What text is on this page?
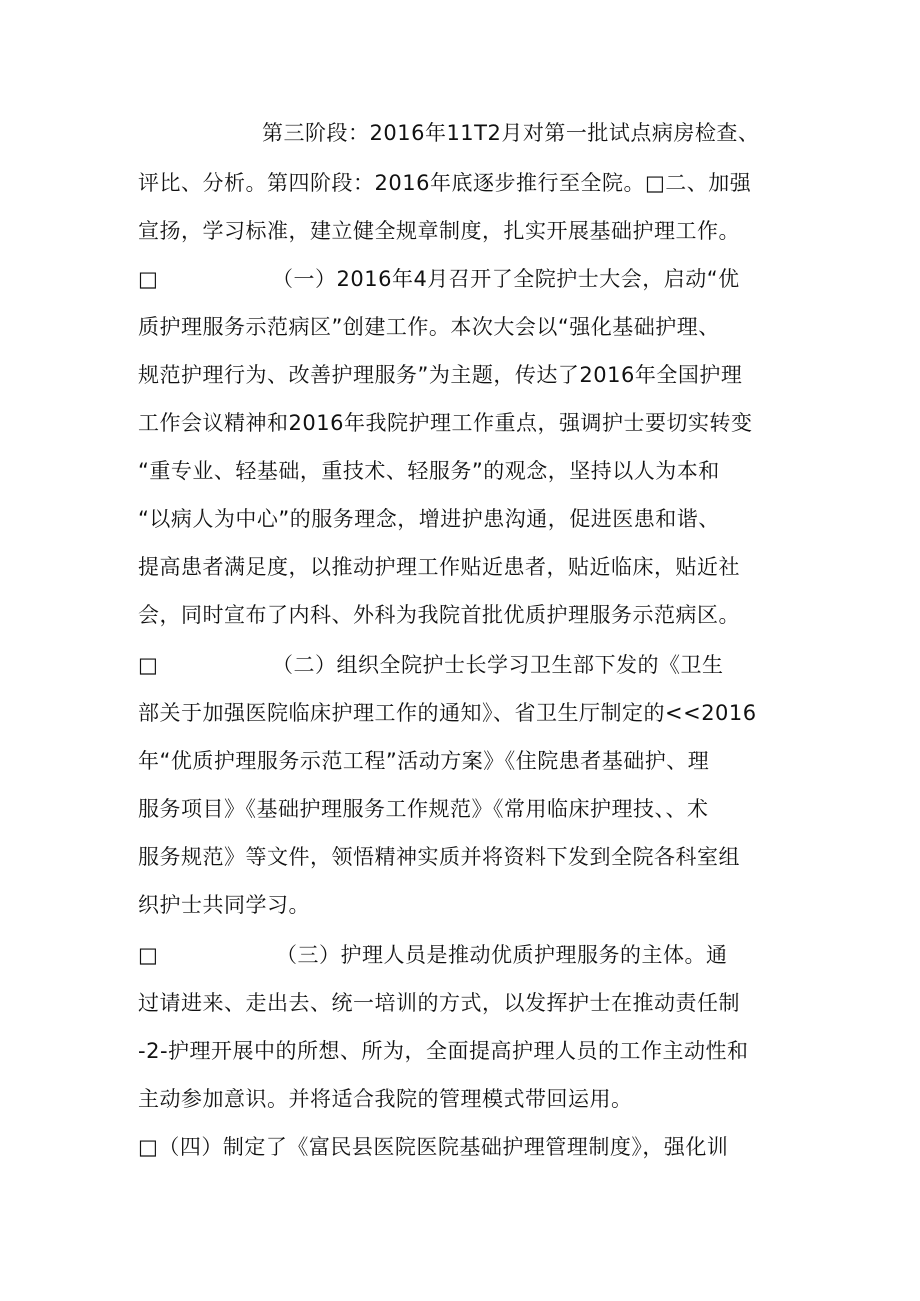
第三阶段：2016年11T2月对第一批试点病房检查、
评比、分析。第四阶段：2016年底逐步推行至全院。□二、加强
宣扬，学习标准，建立健全规章制度，扎实开展基础护理工作。
□	（一）2016年4月召开了全院护士大会，启动“优
质护理服务示范病区”创建工作。本次大会以“强化基础护理、
规范护理行为、改善护理服务”为主题，传达了2016年全国护理
工作会议精神和2016年我院护理工作重点，强调护士要切实转变
“重专业、轻基础，重技术、轻服务”的观念，坚持以人为本和
“以病人为中心”的服务理念，增进护患沟通，促进医患和谐、
提高患者满足度，以推动护理工作贴近患者，贴近临床，贴近社
会，同时宣布了内科、外科为我院首批优质护理服务示范病区。
□	（二）组织全院护士长学习卫生部下发的《卫生
部关于加强医院临床护理工作的通知》、省卫生厅制定的<<2016
年“优质护理服务示范工程”活动方案》《住院患者基础护、理
服务项目》《基础护理服务工作规范》《常用临床护理技、、术
服务规范》等文件，领悟精神实质并将资料下发到全院各科室组
织护士共同学习。
□	（三）护理人员是推动优质护理服务的主体。通
过请进来、走出去、统一培训的方式，以发挥护士在推动责任制
-2-护理开展中的所想、所为，全面提高护理人员的工作主动性和
主动参加意识。并将适合我院的管理模式带回运用。
□（四）制定了《富民县医院医院基础护理管理制度》，强化训
